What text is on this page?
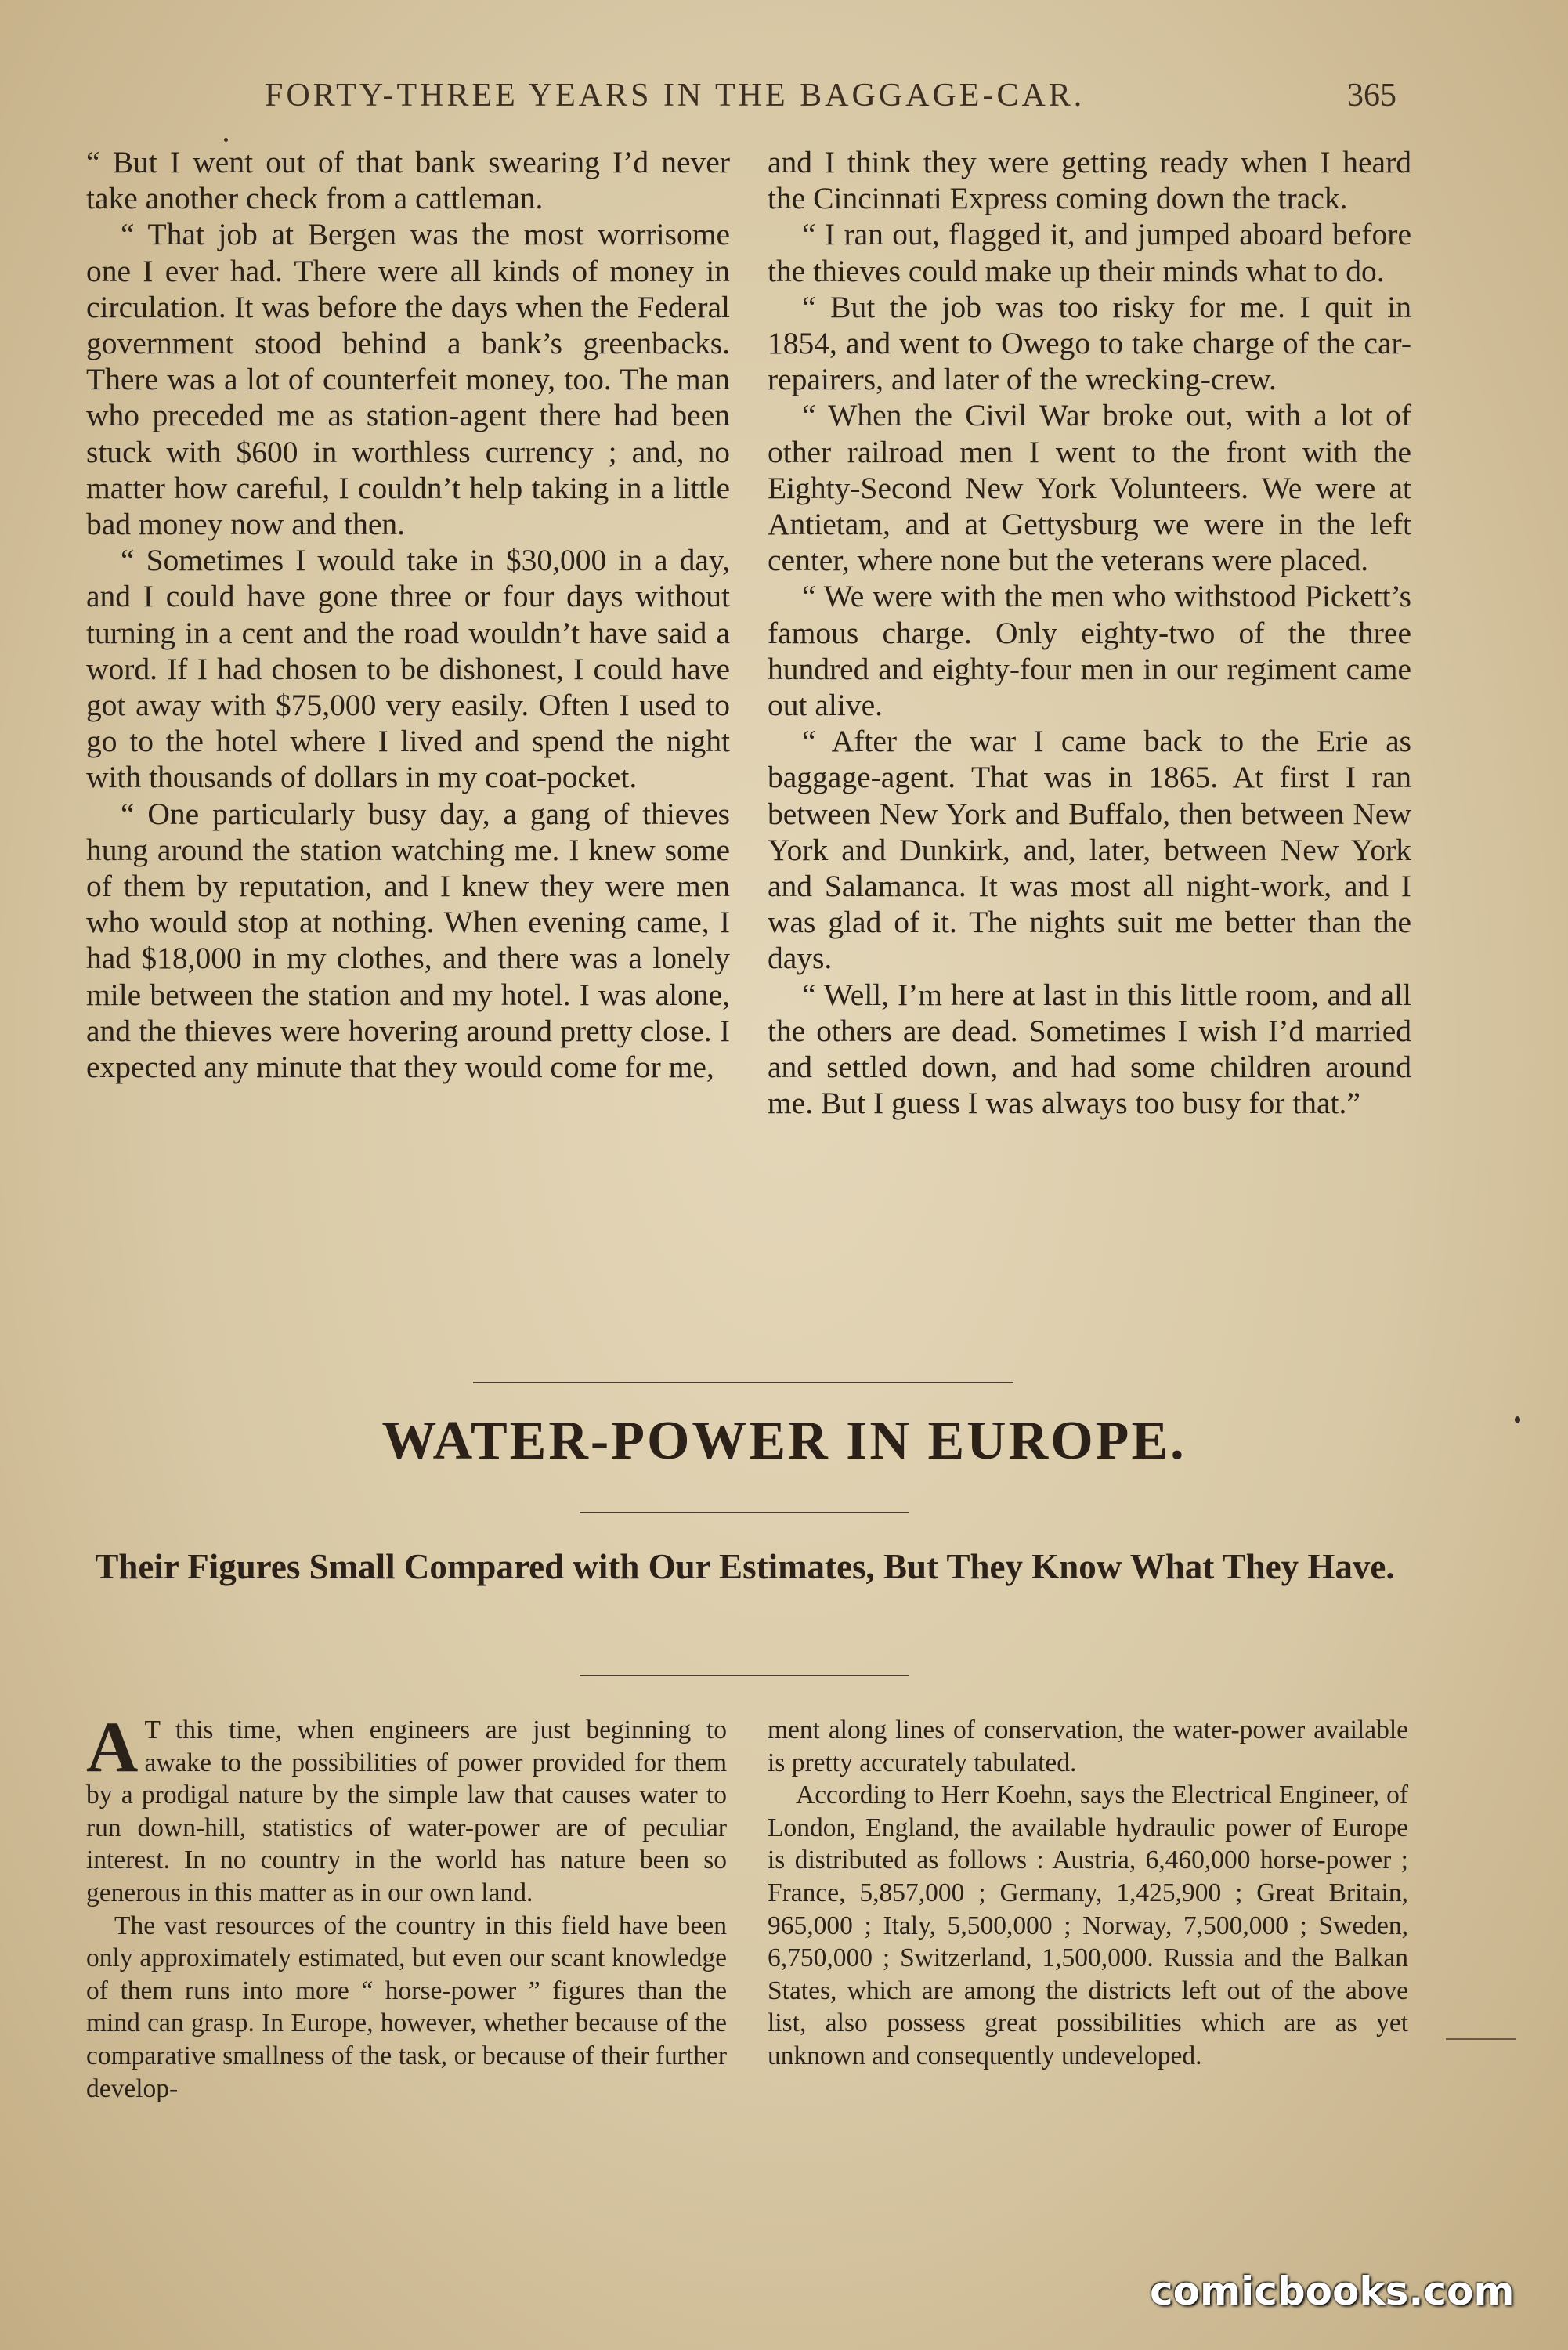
FORTY-THREE YEARS IN THE BAGGAGE-CAR.	365

“ But I went out of that bank swearing I’d never take another check from a cattleman.

“ That job at Bergen was the most worrisome one I ever had. There were all kinds of money in circulation. It was before the days when the Federal government stood behind a bank’s greenbacks. There was a lot of counterfeit money, too. The man who preceded me as station-agent there had been stuck with $600 in worthless currency ; and, no matter how careful, I couldn’t help taking in a little bad money now and then.

“ Sometimes I would take in $30,000 in a day, and I could have gone three or four days without turning in a cent and the road wouldn’t have said a word. If I had chosen to be dishonest, I could have got away with $75,000 very easily. Often I used to go to the hotel where I lived and spend the night with thousands of dollars in my coat-pocket.

“ One particularly busy day, a gang of thieves hung around the station watching me. I knew some of them by reputation, and I knew they were men who would stop at nothing. When evening came, I had $18,000 in my clothes, and there was a lonely mile between the station and my hotel. I was alone, and the thieves were hovering around pretty close. I expected any minute that they would come for me,

and I think they were getting ready when I heard the Cincinnati Express coming down the track.

“ I ran out, flagged it, and jumped aboard before the thieves could make up their minds what to do.

“ But the job was too risky for me. I quit in 1854, and went to Owego to take charge of the car-repairers, and later of the wrecking-crew.

“ When the Civil War broke out, with a lot of other railroad men I went to the front with the Eighty-Second New York Volunteers. We were at Antietam, and at Gettysburg we were in the left center, where none but the veterans were placed.

“ We were with the men who withstood Pickett’s famous charge. Only eighty-two of the three hundred and eighty-four men in our regiment came out alive.

“ After the war I came back to the Erie as baggage-agent. That was in 1865. At first I ran between New York and Buffalo, then between New York and Dunkirk, and, later, between New York and Salamanca. It was most all night-work, and I was glad of it. The nights suit me better than the days.

“ Well, I’m here at last in this little room, and all the others are dead. Sometimes I wish I’d married and settled down, and had some children around me. But I guess I was always too busy for that.”

WATER-POWER IN EUROPE.
Their Figures Small Compared with Our Estimates, But They Know What They Have.

A T this time, when engineers are just beginning to awake to the possibilities of power provided for them by a prodigal nature by the simple law that causes water to run down-hill, statistics of water-power are of peculiar interest. In no country in the world has nature been so generous in this matter as in our own land.

The vast resources of the country in this field have been only approximately estimated, but even our scant knowledge of them runs into more “ horse-power ” figures than the mind can grasp. In Europe, however, whether because of the comparative smallness of the task, or because of their further develop-

ment along lines of conservation, the water-power available is pretty accurately tabulated.

According to Herr Koehn, says the Electrical Engineer, of London, England, the available hydraulic power of Europe is distributed as follows : Austria, 6,460,000 horse-power ; France, 5,857,000 ; Germany, 1,425,900 ; Great Britain, 965,000 ; Italy, 5,500,000 ; Norway, 7,500,000 ; Sweden, 6,750,000 ; Switzerland, 1,500,000. Russia and the Balkan States, which are among the districts left out of the above list, also possess great possibilities which are as yet unknown and consequently undeveloped.

comicbooks.com
